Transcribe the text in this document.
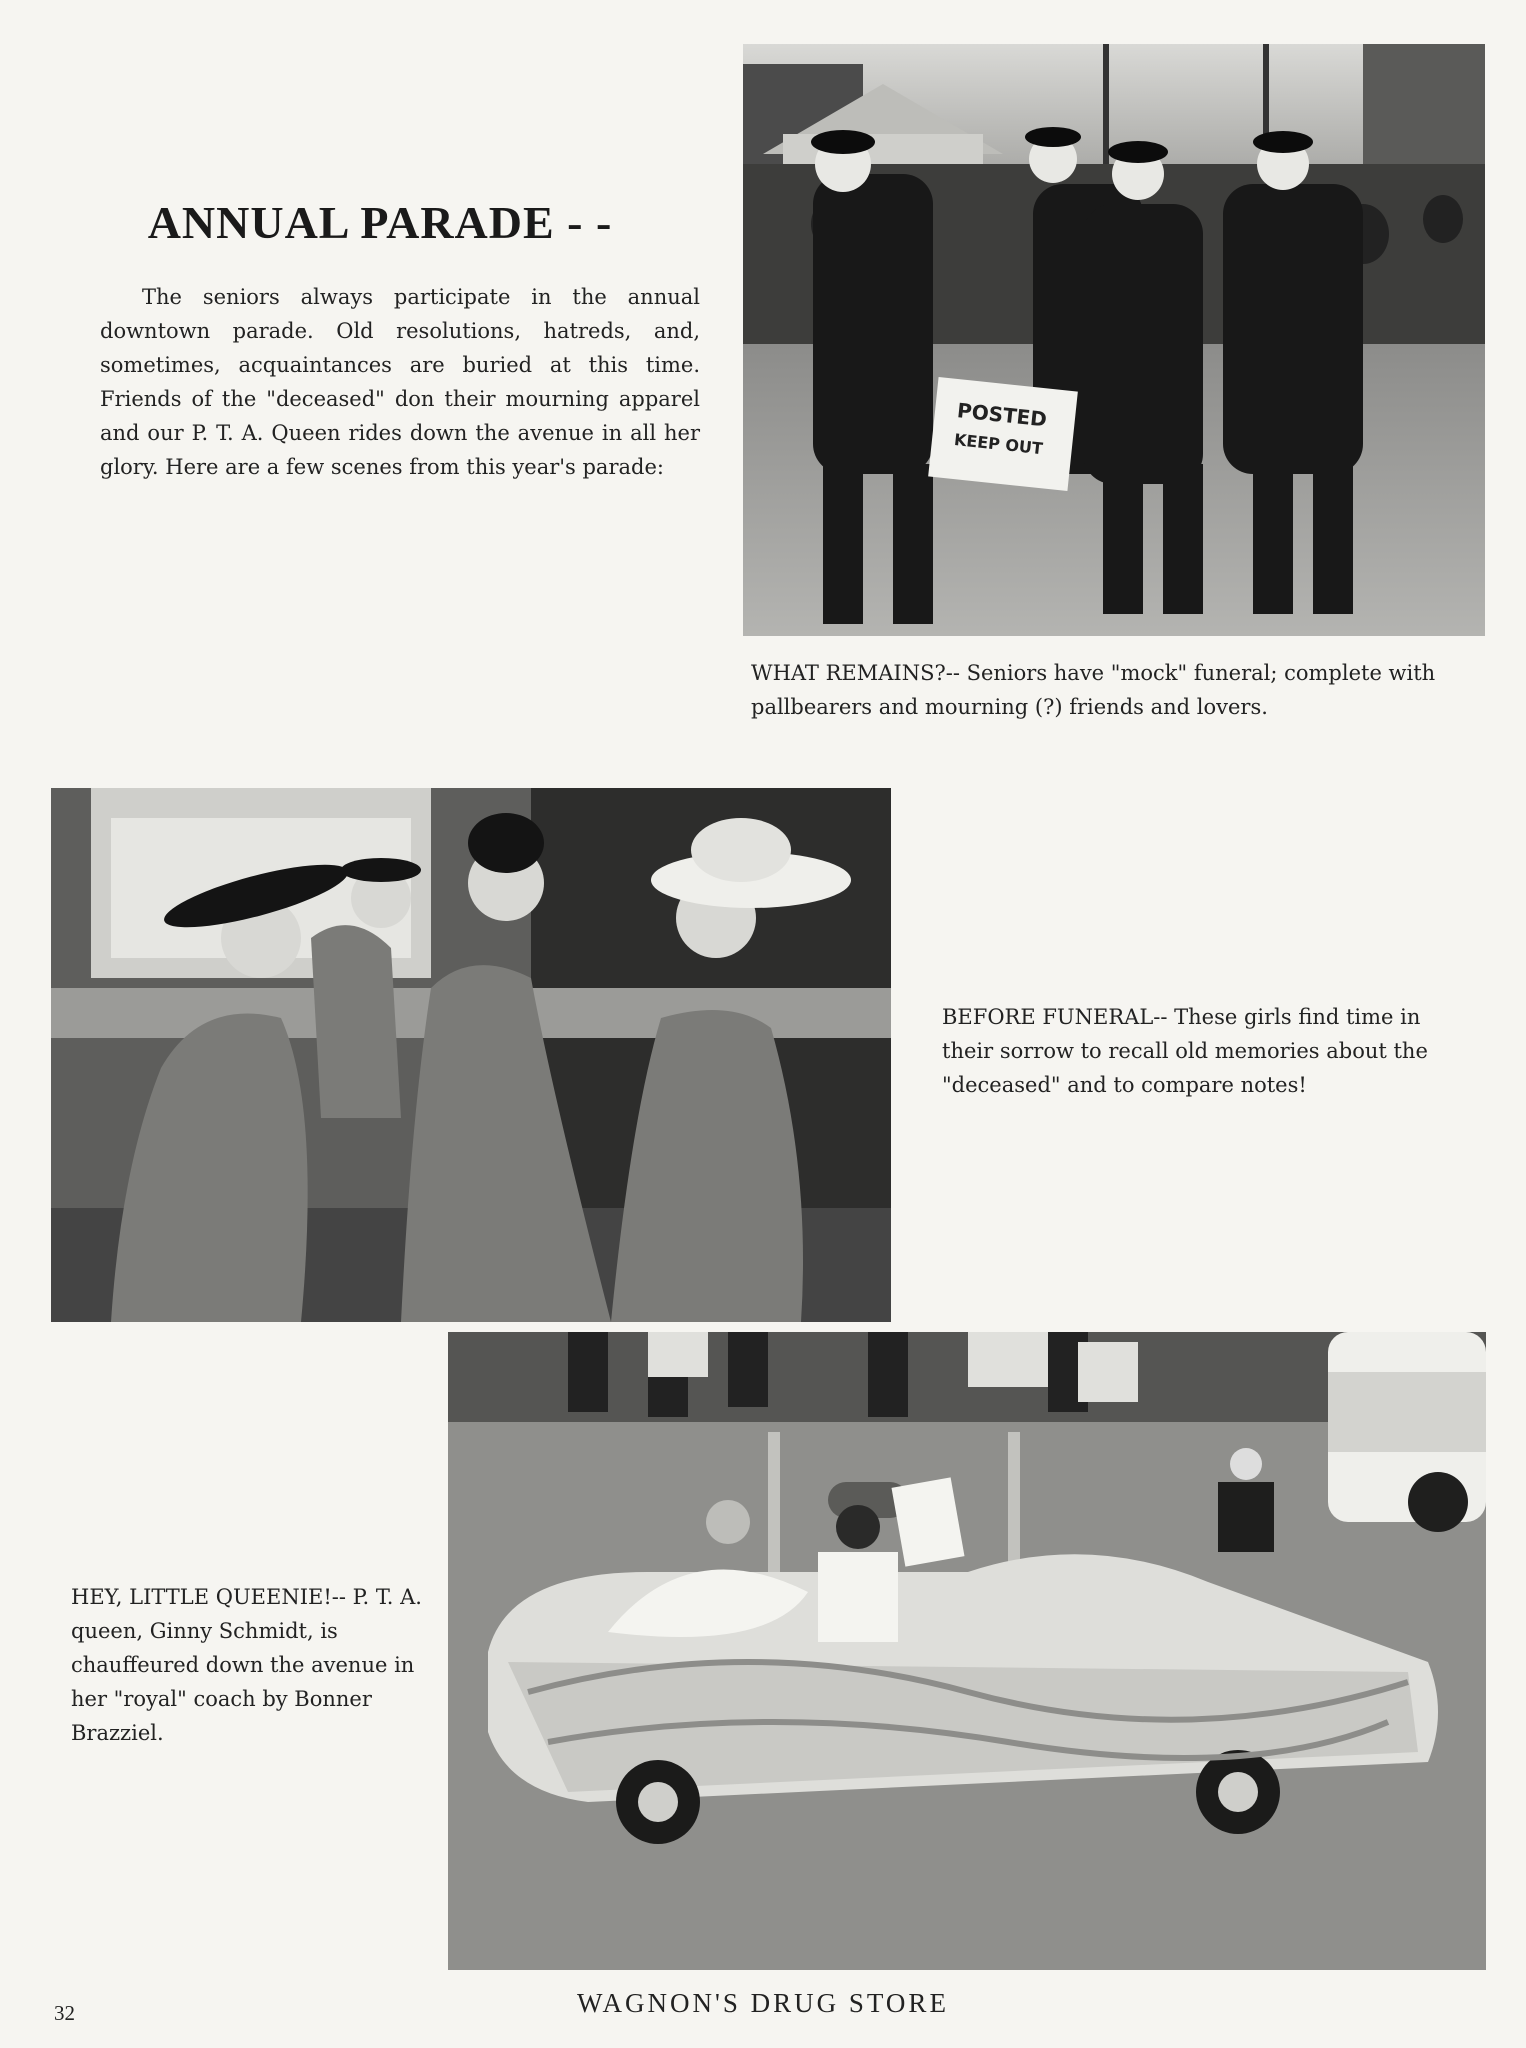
ANNUAL PARADE - -
The seniors always participate in the annual downtown parade. Old resolutions, hatreds, and, sometimes, acquaintances are buried at this time. Friends of the "deceased" don their mourning apparel and our P. T. A. Queen rides down the avenue in all her glory. Here are a few scenes from this year's parade:
POSTED
KEEP OUT
WHAT REMAINS?-- Seniors have "mock" funeral; complete with pallbearers and mourning (?) friends and lovers.
BEFORE FUNERAL-- These girls find time in their sorrow to recall old memories about the "deceased" and to compare notes!
HEY, LITTLE QUEENIE!-- P. T. A. queen, Ginny Schmidt, is chauffeured down the avenue in her "royal" coach by Bonner Brazziel.
32	WAGNON'S DRUG STORE
